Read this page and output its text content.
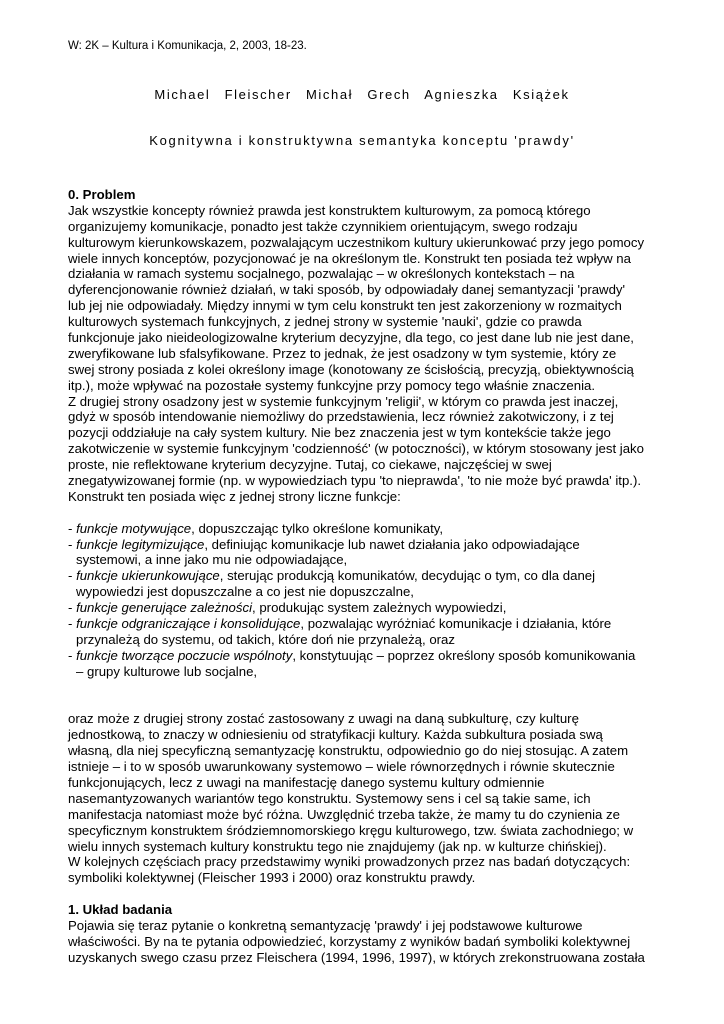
W: 2K – Kultura i Komunikacja, 2, 2003, 18-23.
Michael Fleischer Michał Grech Agnieszka Książek
Kognitywna i konstruktywna semantyka konceptu 'prawdy'
0. Problem
Jak wszystkie koncepty również prawda jest konstruktem kulturowym, za pomocą którego
organizujemy komunikacje, ponadto jest także czynnikiem orientującym, swego rodzaju
kulturowym kierunkowskazem, pozwalającym uczestnikom kultury ukierunkować przy jego pomocy
wiele innych konceptów, pozycjonować je na określonym tle. Konstrukt ten posiada też wpływ na
działania w ramach systemu socjalnego, pozwalając – w określonych kontekstach – na
dyferencjonowanie również działań, w taki sposób, by odpowiadały danej semantyzacji 'prawdy'
lub jej nie odpowiadały. Między innymi w tym celu konstrukt ten jest zakorzeniony w rozmaitych
kulturowych systemach funkcyjnych, z jednej strony w systemie 'nauki', gdzie co prawda
funkcjonuje jako nieideologizowalne kryterium decyzyjne, dla tego, co jest dane lub nie jest dane,
zweryfikowane lub sfalsyfikowane. Przez to jednak, że jest osadzony w tym systemie, który ze
swej strony posiada z kolei określony image (konotowany ze ścisłością, precyzją, obiektywnością
itp.), może wpływać na pozostałe systemy funkcyjne przy pomocy tego właśnie znaczenia.
Z drugiej strony osadzony jest w systemie funkcyjnym 'religii', w którym co prawda jest inaczej,
gdyż w sposób intendowanie niemożliwy do przedstawienia, lecz również zakotwiczony, i z tej
pozycji oddziałuje na cały system kultury. Nie bez znaczenia jest w tym kontekście także jego
zakotwiczenie w systemie funkcyjnym 'codzienność' (w potoczności), w którym stosowany jest jako
proste, nie reflektowane kryterium decyzyjne. Tutaj, co ciekawe, najczęściej w swej
znegatywizowanej formie (np. w wypowiedziach typu 'to nieprawda', 'to nie może być prawda' itp.).
Konstrukt ten posiada więc z jednej strony liczne funkcje:
- funkcje motywujące, dopuszczając tylko określone komunikaty,
- funkcje legitymizujące, definiując komunikacje lub nawet działania jako odpowiadające
systemowi, a inne jako mu nie odpowiadające,
- funkcje ukierunkowujące, sterując produkcją komunikatów, decydując o tym, co dla danej
wypowiedzi jest dopuszczalne a co jest nie dopuszczalne,
- funkcje generujące zależności, produkując system zależnych wypowiedzi,
- funkcje odgraniczające i konsolidujące, pozwalając wyróżniać komunikacje i działania, które
przynależą do systemu, od takich, które doń nie przynależą, oraz
- funkcje tworzące poczucie wspólnoty, konstytuując – poprzez określony sposób komunikowania
– grupy kulturowe lub socjalne,
oraz może z drugiej strony zostać zastosowany z uwagi na daną subkulturę, czy kulturę
jednostkową, to znaczy w odniesieniu od stratyfikacji kultury. Każda subkultura posiada swą
własną, dla niej specyficzną semantyzację konstruktu, odpowiednio go do niej stosując. A zatem
istnieje – i to w sposób uwarunkowany systemowo – wiele równorzędnych i równie skutecznie
funkcjonujących, lecz z uwagi na manifestację danego systemu kultury odmiennie
nasemantyzowanych wariantów tego konstruktu. Systemowy sens i cel są takie same, ich
manifestacja natomiast może być różna. Uwzględnić trzeba także, że mamy tu do czynienia ze
specyficznym konstruktem śródziemnomorskiego kręgu kulturowego, tzw. świata zachodniego; w
wielu innych systemach kultury konstruktu tego nie znajdujemy (jak np. w kulturze chińskiej).
W kolejnych częściach pracy przedstawimy wyniki prowadzonych przez nas badań dotyczących:
symboliki kolektywnej (Fleischer 1993 i 2000) oraz konstruktu prawdy.
1. Układ badania
Pojawia się teraz pytanie o konkretną semantyzację 'prawdy' i jej podstawowe kulturowe
właściwości. By na te pytania odpowiedzieć, korzystamy z wyników badań symboliki kolektywnej
uzyskanych swego czasu przez Fleischera (1994, 1996, 1997), w których zrekonstruowana została
